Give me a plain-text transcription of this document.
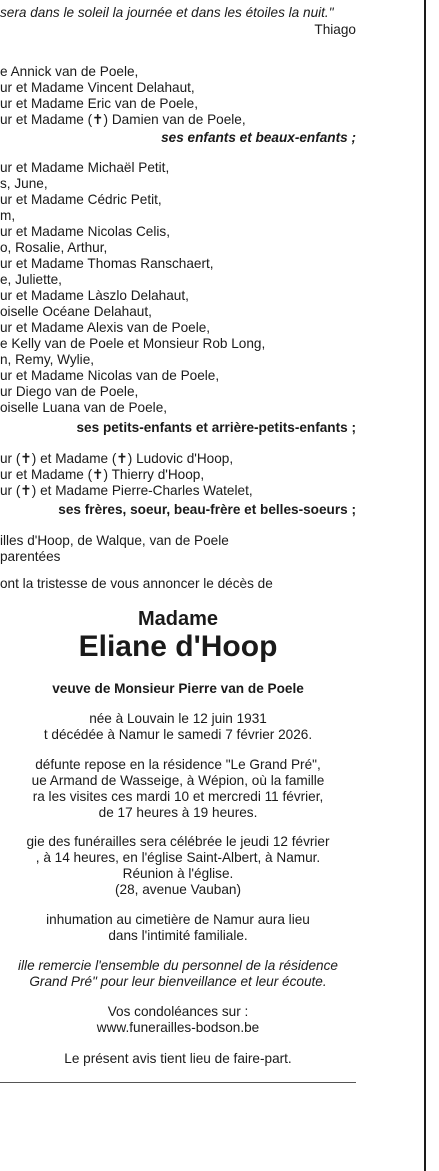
sera dans le soleil la journée et dans les étoiles la nuit."
Thiago
e Annick van de Poele,
ur et Madame Vincent Delahaut,
ur et Madame Eric van de Poele,
ur et Madame (✝) Damien van de Poele,
ses enfants et beaux-enfants ;
ur et Madame Michaël Petit,
s, June,
ur et Madame Cédric Petit,
m,
ur et Madame Nicolas Celis,
o, Rosalie, Arthur,
ur et Madame Thomas Ranschaert,
e, Juliette,
ur et Madame Làszlo Delahaut,
oiselle Océane Delahaut,
ur et Madame Alexis van de Poele,
e Kelly van de Poele et Monsieur Rob Long,
n, Remy, Wylie,
ur et Madame Nicolas van de Poele,
ur Diego van de Poele,
oiselle Luana van de Poele,
ses petits-enfants et arrière-petits-enfants ;
ur (✝) et Madame (✝) Ludovic d'Hoop,
ur et Madame (✝) Thierry d'Hoop,
ur (✝) et Madame Pierre-Charles Watelet,
ses frères, soeur, beau-frère et belles-soeurs ;
illes d'Hoop, de Walque, van de Poele
parentées
ont la tristesse de vous annoncer le décès de
Madame
Eliane d'Hoop
veuve de Monsieur Pierre van de Poele
née à Louvain le 12 juin 1931
t décédée à Namur le samedi 7 février 2026.
défunte repose en la résidence "Le Grand Pré",
ue Armand de Wasseige, à Wépion, où la famille
ra les visites ces mardi 10 et mercredi 11 février,
de 17 heures à 19 heures.
gie des funérailles sera célébrée le jeudi 12 février
, à 14 heures, en l'église Saint-Albert, à Namur.
Réunion à l'église.
(28, avenue Vauban)
inhumation au cimetière de Namur aura lieu
dans l'intimité familiale.
ille remercie l'ensemble du personnel de la résidence
Grand Pré" pour leur bienveillance et leur écoute.
Vos condoléances sur :
www.funerailles-bodson.be
Le présent avis tient lieu de faire-part.
